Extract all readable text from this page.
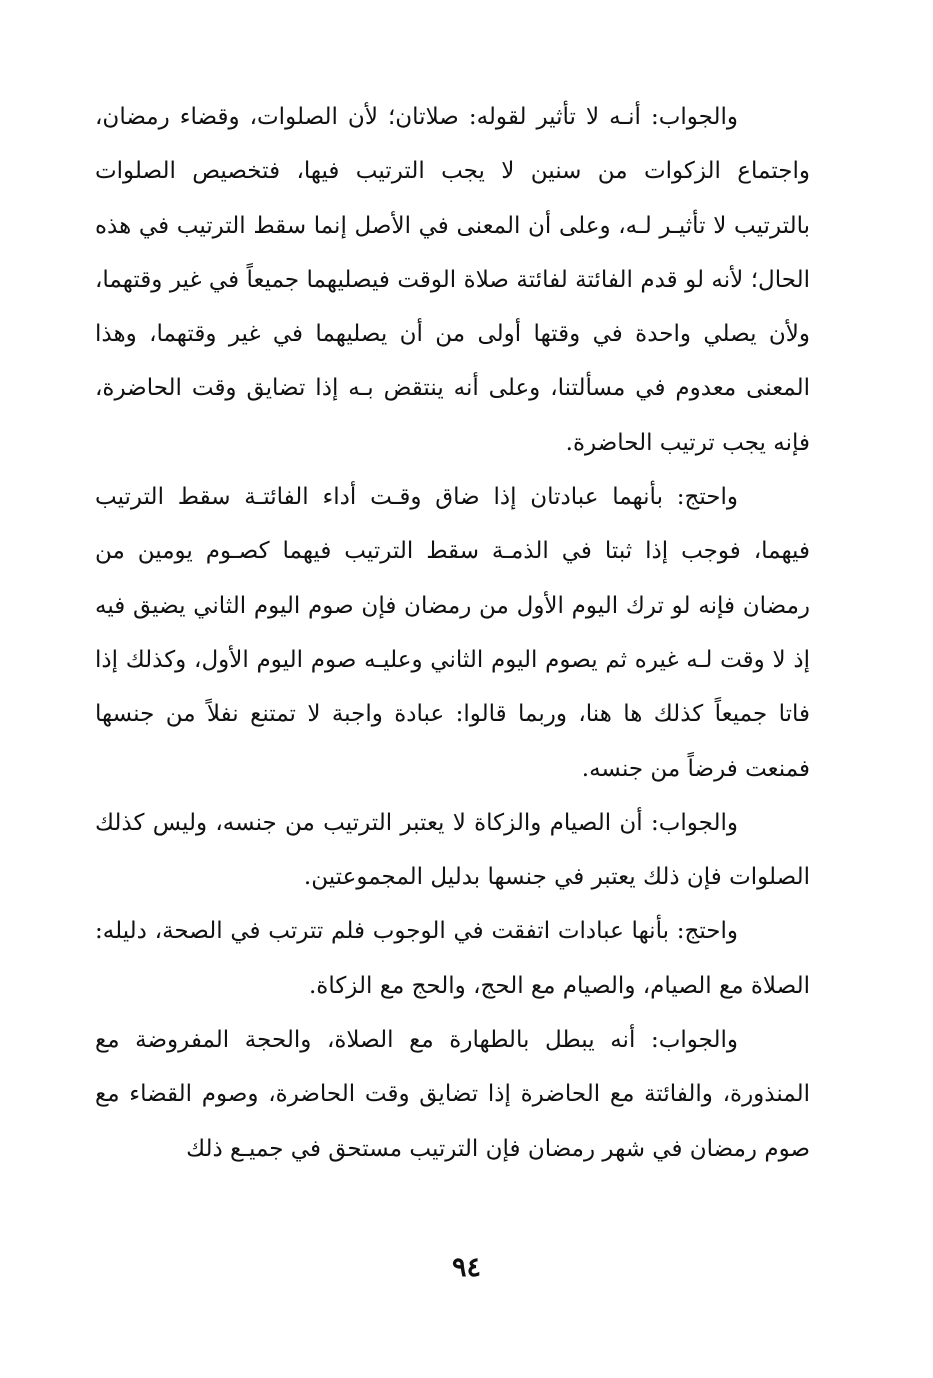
والجواب: أنـه لا تأثير لقوله: صلاتان؛ لأن الصلوات، وقضاء رمضان، واجتماع الزكوات من سنين لا يجب الترتيب فيها، فتخصيص الصلوات بالترتيب لا تأثيـر لـه، وعلى أن المعنى في الأصل إنما سقط الترتيب في هذه الحال؛ لأنه لو قدم الفائتة لفائتة صلاة الوقت فيصليهما جميعاً في غير وقتهما، ولأن يصلي واحدة في وقتها أولى من أن يصليهما في غير وقتهما، وهذا المعنى معدوم في مسألتنا، وعلى أنه ينتقض بـه إذا تضايق وقت الحاضرة، فإنه يجب ترتيب الحاضرة.

واحتج: بأنهما عبادتان إذا ضاق وقـت أداء الفائتـة سقط الترتيب فيهما، فوجب إذا ثبتا في الذمـة سقط الترتيب فيهما كصـوم يومين من رمضان فإنه لو ترك اليوم الأول من رمضان فإن صوم اليوم الثاني يضيق فيه إذ لا وقت لـه غيره ثم يصوم اليوم الثاني وعليـه صوم اليوم الأول، وكذلك إذا فاتا جميعاً كذلك ها هنا، وربما قالوا: عبادة واجبة لا تمتنع نفلاً من جنسها فمنعت فرضاً من جنسه.

والجواب: أن الصيام والزكاة لا يعتبر الترتيب من جنسه، وليس كذلك الصلوات فإن ذلك يعتبر في جنسها بدليل المجموعتين.

واحتج: بأنها عبادات اتفقت في الوجوب فلم تترتب في الصحة، دليله: الصلاة مع الصيام، والصيام مع الحج، والحج مع الزكاة.

والجواب: أنه يبطل بالطهارة مع الصلاة، والحجة المفروضة مع المنذورة، والفائتة مع الحاضرة إذا تضايق وقت الحاضرة، وصوم القضاء مع صوم رمضان في شهر رمضان فإن الترتيب مستحق في جميـع ذلك

٩٤
